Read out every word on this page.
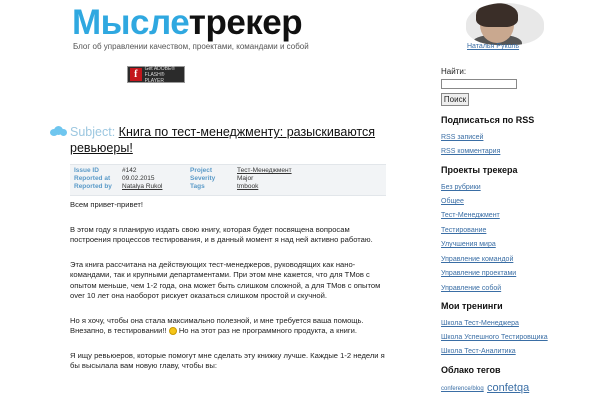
Мыслетрекер
Блог об управлении качеством, проектами, командами и собой	Наталья Руколь
f
Get ADOBE®
FLASH® PLAYER
Subject: Книга по тест-менеджменту: разыскиваются ревьюеры!
Issue ID
Reported at
Reported by
#142
09.02.2015
Natalya Rukol
Project
Severity
Tags
Тест-Менеджмент
Major
tmbook

Всем привет-привет!

В этом году я планирую издать свою книгу, которая будет посвящена вопросам построения процессов тестирования, и в данный момент я над ней активно работаю.

Эта книга рассчитана на действующих тест-менеджеров, руководящих как нано-командами, так и крупными департаментами. При этом мне кажется, что для TMов с опытом меньше, чем 1-2 года, она может быть слишком сложной, а для TMов с опытом over 10 лет она наоборот рискует оказаться слишком простой и скучной.

Но я хочу, чтобы она стала максимально полезной, и мне требуется ваша помощь. Внезапно, в тестировании!! Но на этот раз не программного продукта, а книги.

Я ищу ревьюеров, которые помогут мне сделать эту книжку лучше. Каждые 1-2 недели я бы высылала вам новую главу, чтобы вы:

Найти:
Поиск
Подписаться по RSS
RSS записей
RSS комментария
Проекты трекера
Без рубрики
Общее
Тест-Менеджмент
Тестирование
Улучшения мира
Управление командой
Управление проектами
Управление собой
Мои тренинги
Школа Тест-Менеджера
Школа Успешного Тестировщика
Школа Тест-Аналитика
Облако тегов
conference/blog confetqa
